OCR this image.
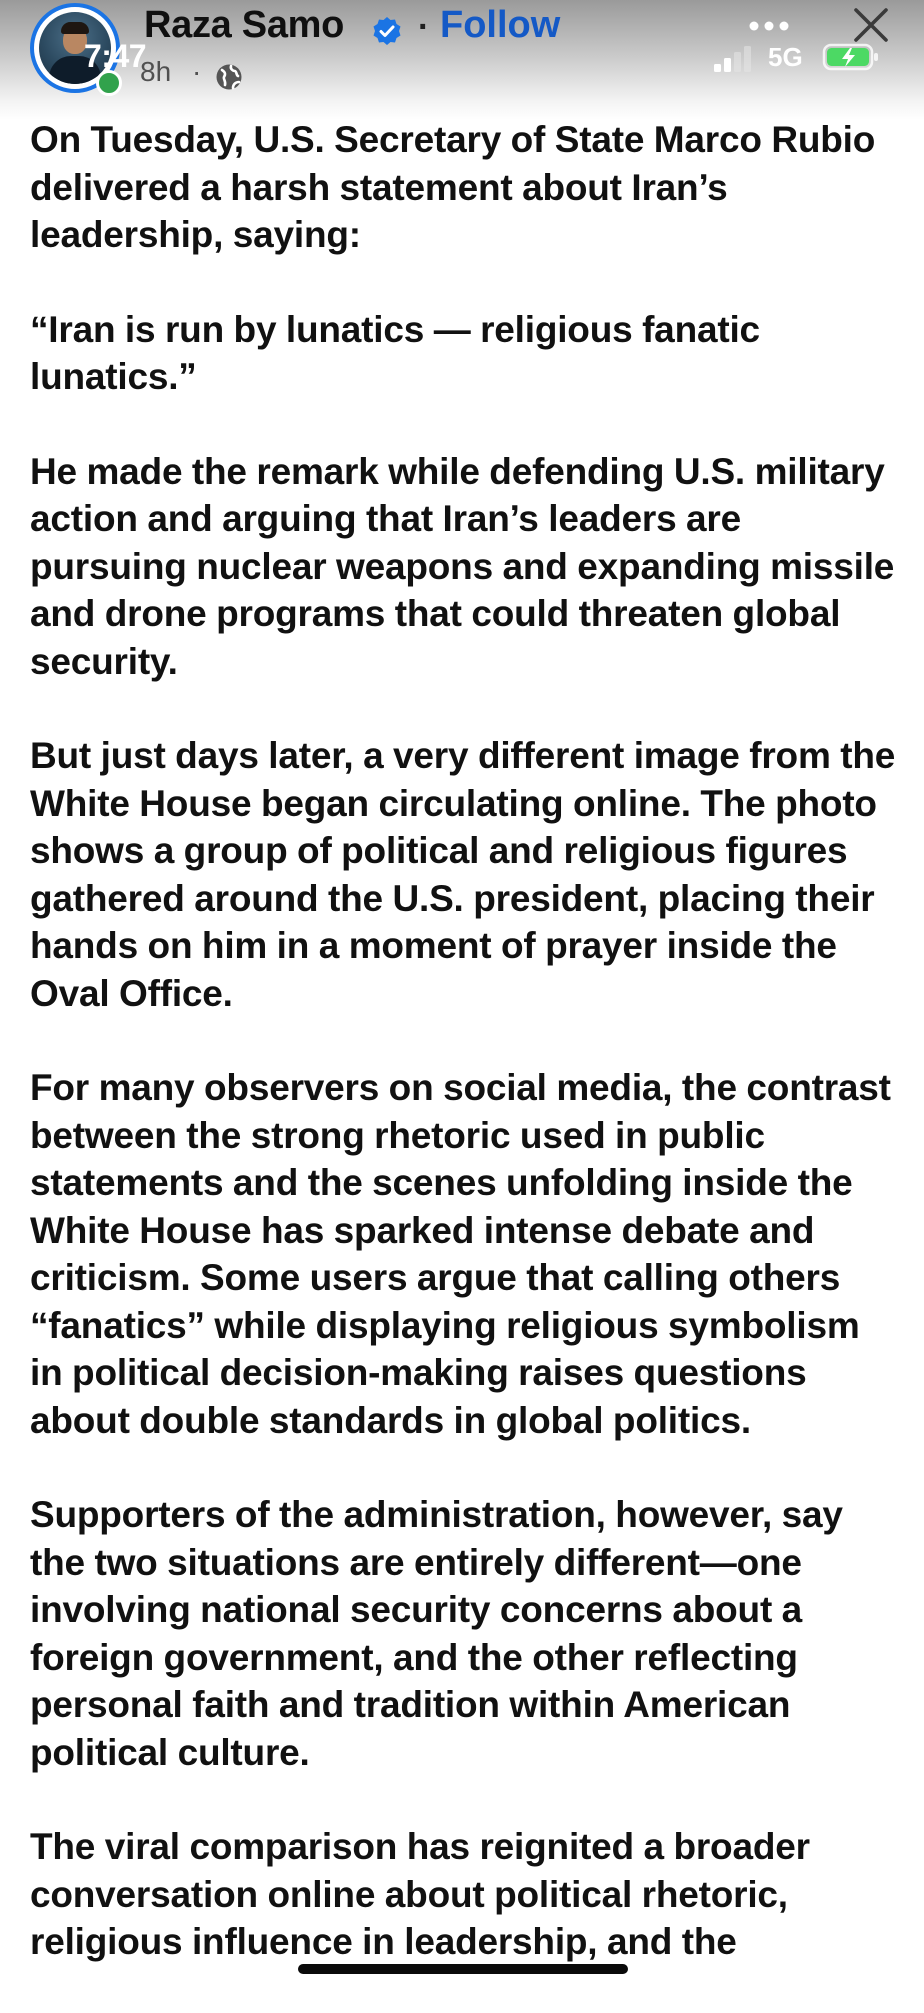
7:47
Raza Samo · Follow
8h ·	5G

On Tuesday, U.S. Secretary of State Marco Rubio delivered a harsh statement about Iran’s leadership, saying:

“Iran is run by lunatics — religious fanatic lunatics.”

He made the remark while defending U.S. military action and arguing that Iran’s leaders are pursuing nuclear weapons and expanding missile and drone programs that could threaten global security.

But just days later, a very different image from the White House began circulating online. The photo shows a group of political and religious figures gathered around the U.S. president, placing their hands on him in a moment of prayer inside the Oval Office.

For many observers on social media, the contrast between the strong rhetoric used in public statements and the scenes unfolding inside the White House has sparked intense debate and criticism. Some users argue that calling others “fanatics” while displaying religious symbolism in political decision-making raises questions about double standards in global politics.

Supporters of the administration, however, say the two situations are entirely different—one involving national security concerns about a foreign government, and the other reflecting personal faith and tradition within American political culture.

The viral comparison has reignited a broader conversation online about political rhetoric, religious influence in leadership, and the
